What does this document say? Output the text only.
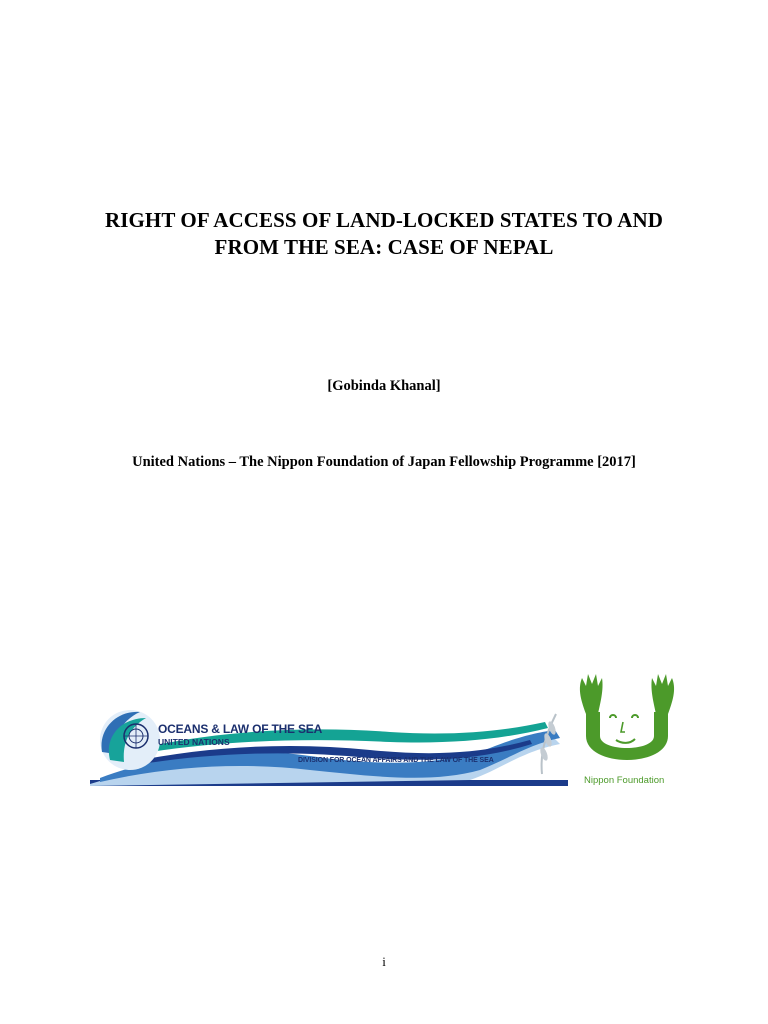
RIGHT OF ACCESS OF LAND-LOCKED STATES TO AND
FROM THE SEA: CASE OF NEPAL
[Gobinda Khanal]
United Nations – The Nippon Foundation of Japan Fellowship Programme [2017]
OCEANS & LAW OF THE SEA
UNITED NATIONS
DIVISION FOR OCEAN AFFAIRS AND THE LAW OF THE SEA
Nippon Foundation
i
